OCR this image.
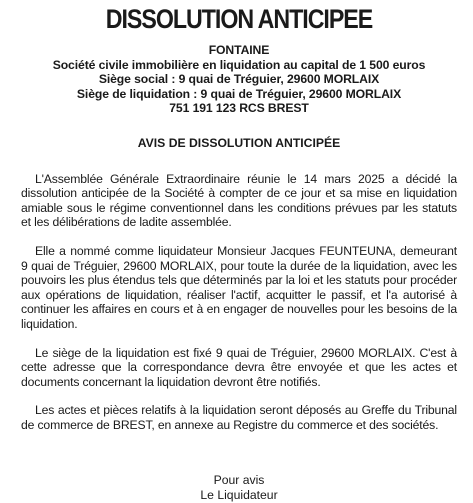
DISSOLUTION ANTICIPEE
FONTAINE
Société civile immobilière en liquidation au capital de 1 500 euros
Siège social : 9 quai de Tréguier, 29600 MORLAIX
Siège de liquidation : 9 quai de Tréguier, 29600 MORLAIX
751 191 123 RCS BREST
AVIS DE DISSOLUTION ANTICIPÉE

L'Assemblée Générale Extraordinaire réunie le 14 mars 2025 a décidé la dissolution anticipée de la Société à compter de ce jour et sa mise en liquidation amiable sous le régime conventionnel dans les conditions prévues par les statuts et les délibérations de ladite assemblée.

Elle a nommé comme liquidateur Monsieur Jacques FEUNTEUNA, demeurant 9 quai de Tréguier, 29600 MORLAIX, pour toute la durée de la liquidation, avec les pouvoirs les plus étendus tels que déterminés par la loi et les statuts pour procéder aux opérations de liquidation, réaliser l'actif, acquitter le passif, et l'a autorisé à continuer les affaires en cours et à en engager de nouvelles pour les besoins de la liquidation.

Le siège de la liquidation est fixé 9 quai de Tréguier, 29600 MORLAIX. C'est à cette adresse que la correspondance devra être envoyée et que les actes et documents concernant la liquidation devront être notifiés.

Les actes et pièces relatifs à la liquidation seront déposés au Greffe du Tribunal de commerce de BREST, en annexe au Registre du commerce et des sociétés.

Pour avis
Le Liquidateur
